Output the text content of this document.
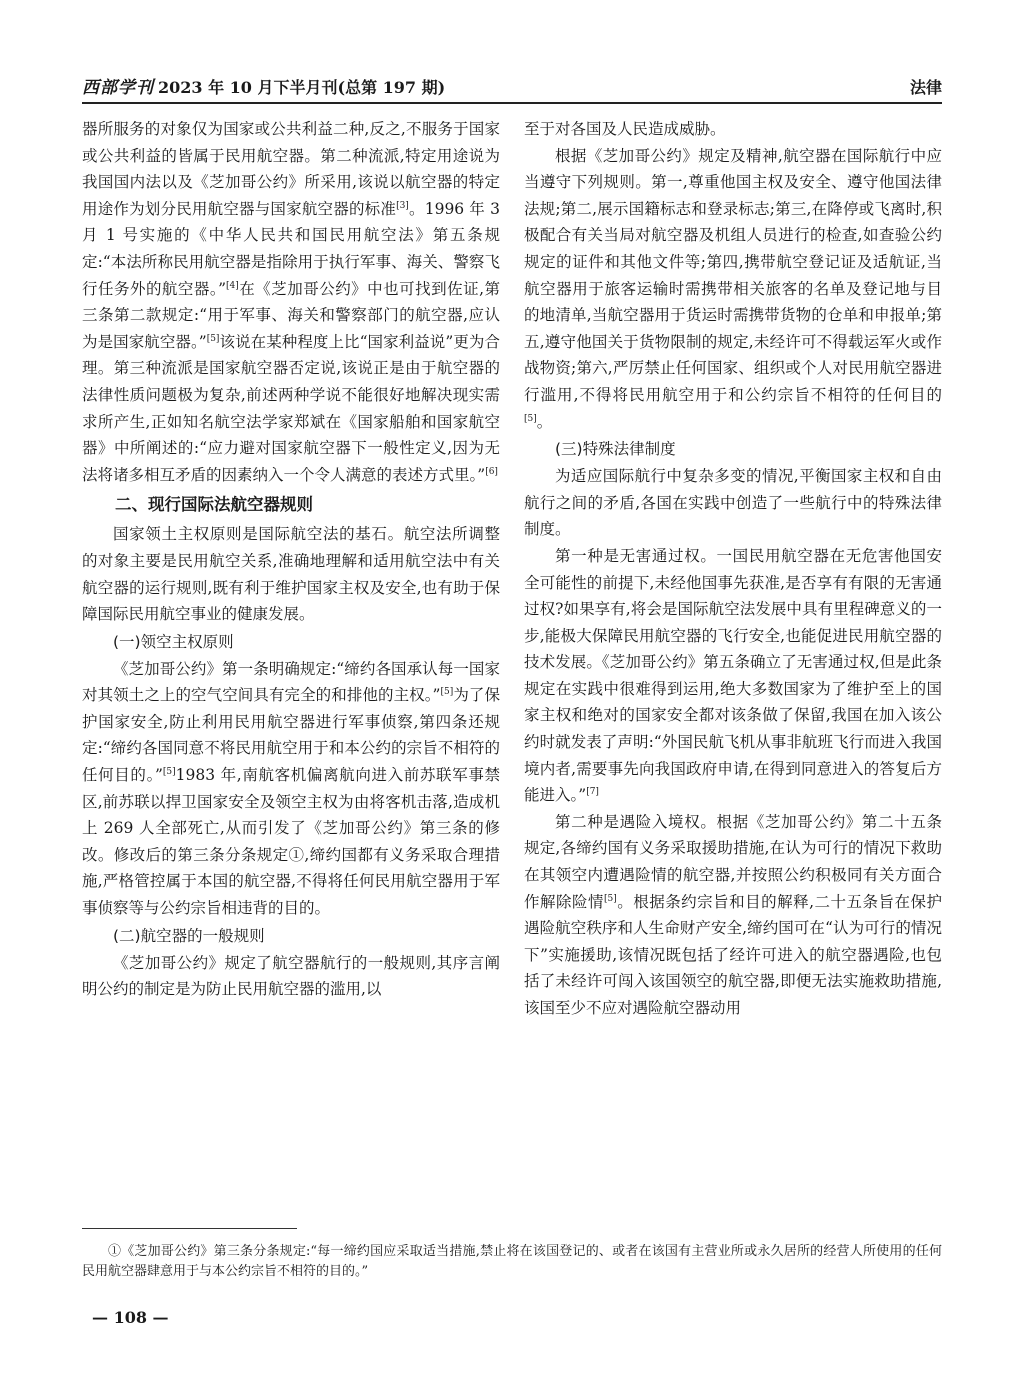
西部学刊 2023 年 10 月下半月刊(总第 197 期)	法律

器所服务的对象仅为国家或公共利益二种,反之,不服务于国家或公共利益的皆属于民用航空器。第二种流派,特定用途说为我国国内法以及《芝加哥公约》所采用,该说以航空器的特定用途作为划分民用航空器与国家航空器的标准[3]。1996 年 3 月 1 号实施的《中华人民共和国民用航空法》第五条规定:“本法所称民用航空器是指除用于执行军事、海关、警察飞行任务外的航空器。”[4]在《芝加哥公约》中也可找到佐证,第三条第二款规定:“用于军事、海关和警察部门的航空器,应认为是国家航空器。”[5]该说在某种程度上比“国家利益说”更为合理。第三种流派是国家航空器否定说,该说正是由于航空器的法律性质问题极为复杂,前述两种学说不能很好地解决现实需求所产生,正如知名航空法学家郑斌在《国家船舶和国家航空器》中所阐述的:“应力避对国家航空器下一般性定义,因为无法将诸多相互矛盾的因素纳入一个令人满意的表述方式里。”[6]

二、现行国际法航空器规则

国家领土主权原则是国际航空法的基石。航空法所调整的对象主要是民用航空关系,准确地理解和适用航空法中有关航空器的运行规则,既有利于维护国家主权及安全,也有助于保障国际民用航空事业的健康发展。

(一)领空主权原则

《芝加哥公约》第一条明确规定:“缔约各国承认每一国家对其领土之上的空气空间具有完全的和排他的主权。”[5]为了保护国家安全,防止利用民用航空器进行军事侦察,第四条还规定:“缔约各国同意不将民用航空用于和本公约的宗旨不相符的任何目的。”[5]1983 年,南航客机偏离航向进入前苏联军事禁区,前苏联以捍卫国家安全及领空主权为由将客机击落,造成机上 269 人全部死亡,从而引发了《芝加哥公约》第三条的修改。修改后的第三条分条规定①,缔约国都有义务采取合理措施,严格管控属于本国的航空器,不得将任何民用航空器用于军事侦察等与公约宗旨相违背的目的。

(二)航空器的一般规则

《芝加哥公约》规定了航空器航行的一般规则,其序言阐明公约的制定是为防止民用航空器的滥用,以

至于对各国及人民造成威胁。

根据《芝加哥公约》规定及精神,航空器在国际航行中应当遵守下列规则。第一,尊重他国主权及安全、遵守他国法律法规;第二,展示国籍标志和登录标志;第三,在降停或飞离时,积极配合有关当局对航空器及机组人员进行的检查,如查验公约规定的证件和其他文件等;第四,携带航空登记证及适航证,当航空器用于旅客运输时需携带相关旅客的名单及登记地与目的地清单,当航空器用于货运时需携带货物的仓单和申报单;第五,遵守他国关于货物限制的规定,未经许可不得载运军火或作战物资;第六,严厉禁止任何国家、组织或个人对民用航空器进行滥用,不得将民用航空用于和公约宗旨不相符的任何目的[5]。

(三)特殊法律制度

为适应国际航行中复杂多变的情况,平衡国家主权和自由航行之间的矛盾,各国在实践中创造了一些航行中的特殊法律制度。

第一种是无害通过权。一国民用航空器在无危害他国安全可能性的前提下,未经他国事先获准,是否享有有限的无害通过权?如果享有,将会是国际航空法发展中具有里程碑意义的一步,能极大保障民用航空器的飞行安全,也能促进民用航空器的技术发展。《芝加哥公约》第五条确立了无害通过权,但是此条规定在实践中很难得到运用,绝大多数国家为了维护至上的国家主权和绝对的国家安全都对该条做了保留,我国在加入该公约时就发表了声明:“外国民航飞机从事非航班飞行而进入我国境内者,需要事先向我国政府申请,在得到同意进入的答复后方能进入。”[7]

第二种是遇险入境权。根据《芝加哥公约》第二十五条规定,各缔约国有义务采取援助措施,在认为可行的情况下救助在其领空内遭遇险情的航空器,并按照公约积极同有关方面合作解除险情[5]。根据条约宗旨和目的解释,二十五条旨在保护遇险航空秩序和人生命财产安全,缔约国可在“认为可行的情况下”实施援助,该情况既包括了经许可进入的航空器遇险,也包括了未经许可闯入该国领空的航空器,即便无法实施救助措施,该国至少不应对遇险航空器动用

①《芝加哥公约》第三条分条规定:“每一缔约国应采取适当措施,禁止将在该国登记的、或者在该国有主营业所或永久居所的经营人所使用的任何民用航空器肆意用于与本公约宗旨不相符的目的。”

— 108 —
